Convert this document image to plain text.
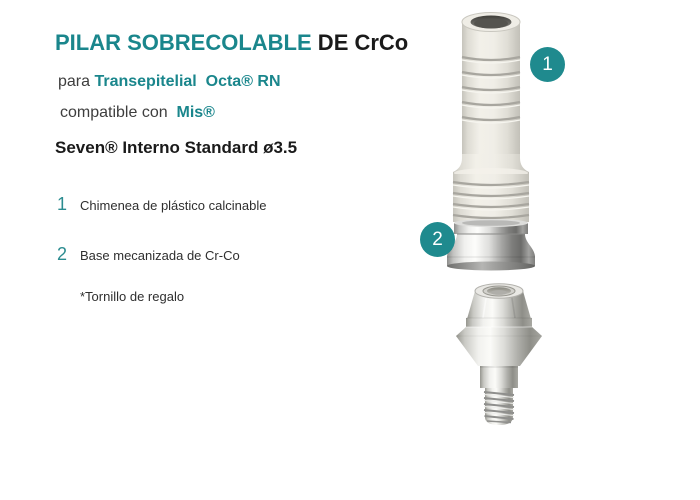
PILAR SOBRECOLABLE DE CrCo
para Transepitelial  Octa® RN
compatible con  Mis®
Seven® Interno Standard ø3.5
1 Chimenea de plástico calcinable
2 Base mecanizada de Cr-Co
*Tornillo de regalo
1
2
